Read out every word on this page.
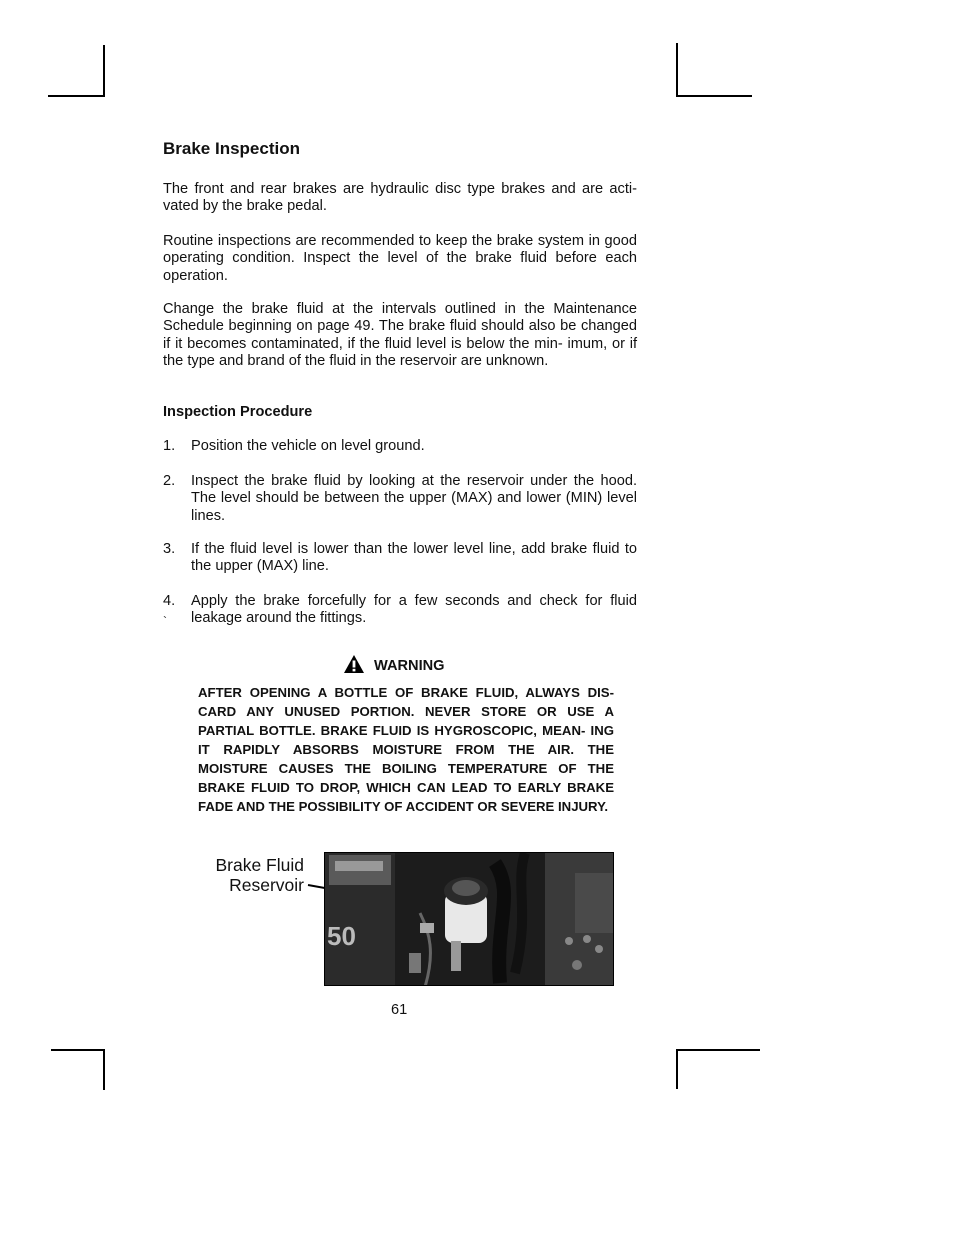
Brake Inspection

The front and rear brakes are hydraulic disc type brakes and are acti- vated by the brake pedal.

Routine inspections are recommended to keep the brake system in good operating condition. Inspect the level of the brake fluid before each operation.

Change the brake fluid at the intervals outlined in the Maintenance Schedule beginning on page 49. The brake fluid should also be changed if it becomes contaminated, if the fluid level is below the min- imum, or if the type and brand of the fluid in the reservoir are unknown.

Inspection Procedure
1. Position the vehicle on level ground.
2. Inspect the brake fluid by looking at the reservoir under the hood. The level should be between the upper (MAX) and lower (MIN) level lines.
3. If the fluid level is lower than the lower level line, add brake fluid to the upper (MAX) line.
4. Apply the brake forcefully for a few seconds and check for fluid leakage around the fittings.
`
WARNING

AFTER OPENING A BOTTLE OF BRAKE FLUID, ALWAYS DIS- CARD ANY UNUSED PORTION. NEVER STORE OR USE A PARTIAL BOTTLE. BRAKE FLUID IS HYGROSCOPIC, MEAN- ING IT RAPIDLY ABSORBS MOISTURE FROM THE AIR. THE MOISTURE CAUSES THE BOILING TEMPERATURE OF THE BRAKE FLUID TO DROP, WHICH CAN LEAD TO EARLY BRAKE FADE AND THE POSSIBILITY OF ACCIDENT OR SEVERE INJURY.

Brake Fluid
Reservoir
50
61
